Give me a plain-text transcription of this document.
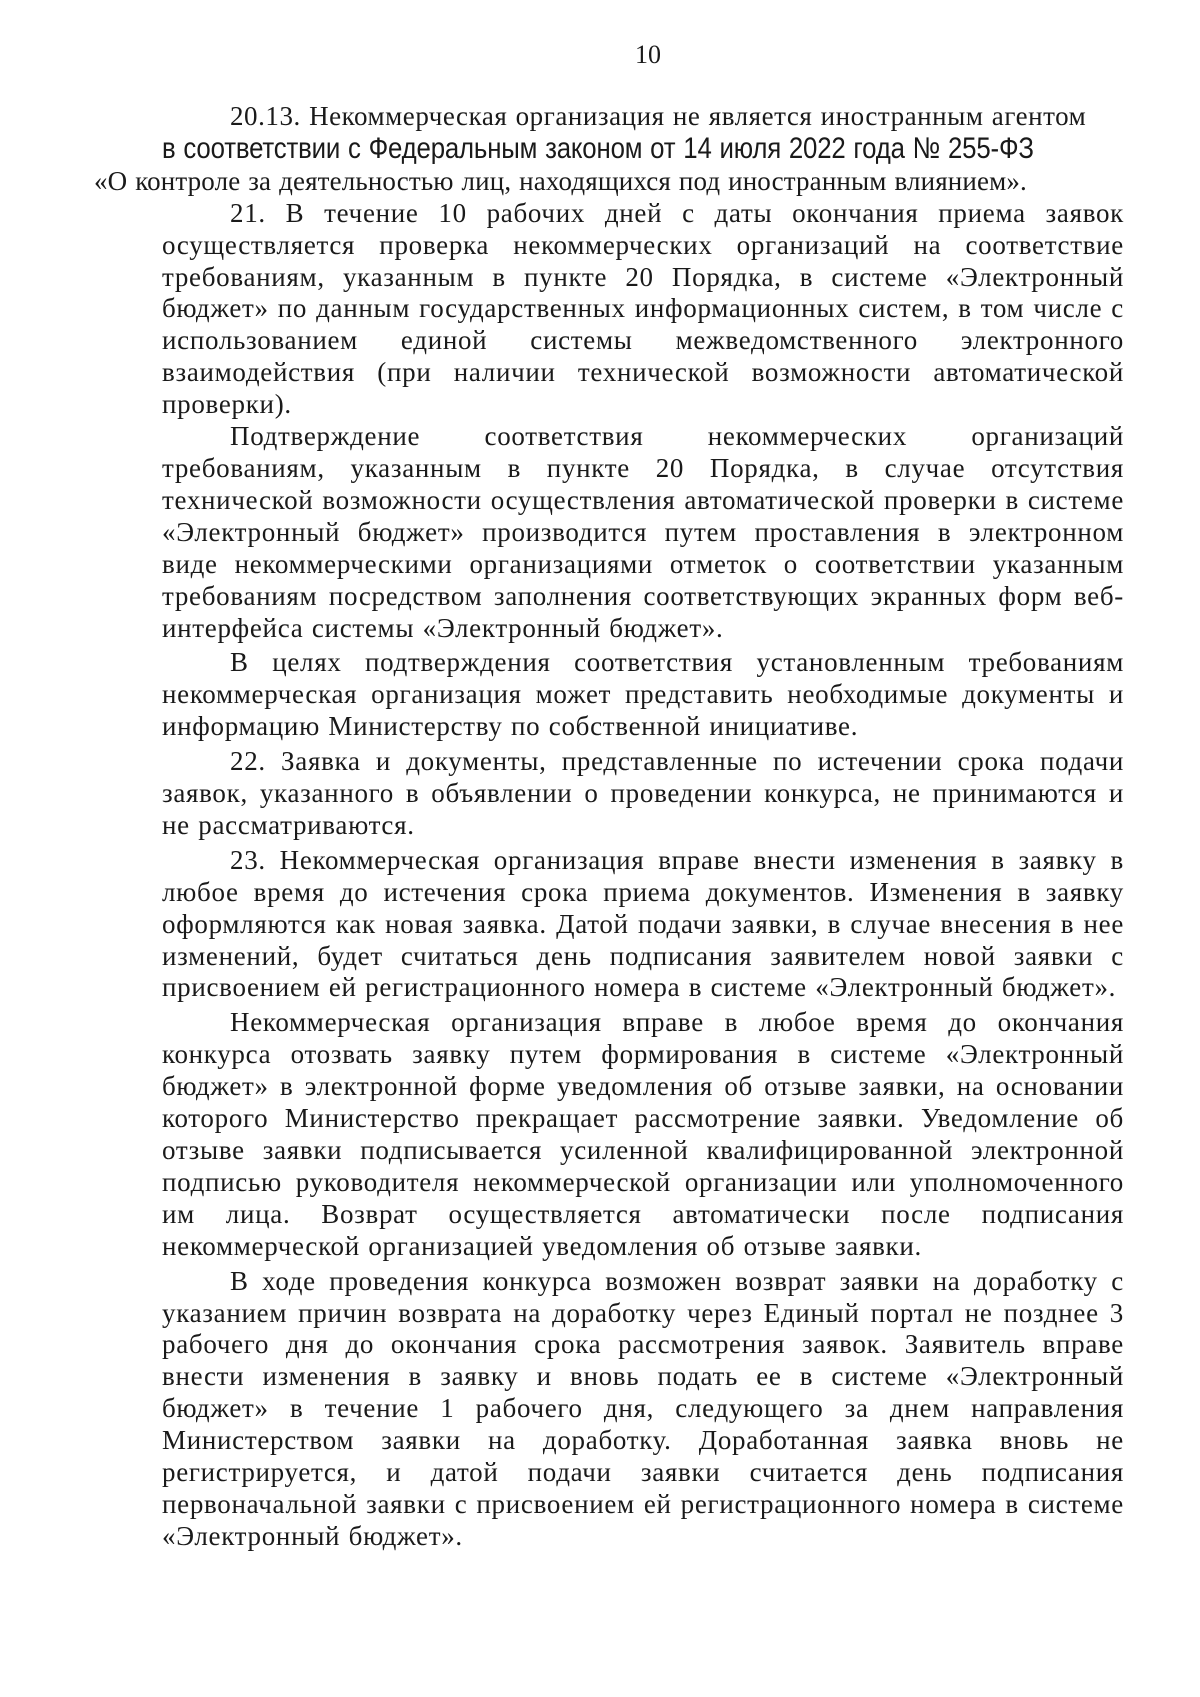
10

20.13. Некоммерческая организация не является иностранным агентом
в соответствии с Федеральным законом от 14 июля 2022 года № 255-ФЗ
«О контроле за деятельностью лиц, находящихся под иностранным влиянием».

21. В течение 10 рабочих дней с даты окончания приема заявок осуществляется проверка некоммерческих организаций на соответствие требованиям, указанным в пункте 20 Порядка, в системе «Электронный бюджет» по данным государственных информационных систем, в том числе с использованием единой системы межведомственного электронного взаимодействия (при наличии технической возможности автоматической проверки).

Подтверждение соответствия некоммерческих организаций требованиям, указанным в пункте 20 Порядка, в случае отсутствия технической возможности осуществления автоматической проверки в системе «Электронный бюджет» производится путем проставления в электронном виде некоммерческими организациями отметок о соответствии указанным требованиям посредством заполнения соответствующих экранных форм веб-интерфейса системы «Электронный бюджет».

В целях подтверждения соответствия установленным требованиям некоммерческая организация может представить необходимые документы и информацию Министерству по собственной инициативе.

22. Заявка и документы, представленные по истечении срока подачи заявок, указанного в объявлении о проведении конкурса, не принимаются и не рассматриваются.

23. Некоммерческая организация вправе внести изменения в заявку в любое время до истечения срока приема документов. Изменения в заявку оформляются как новая заявка. Датой подачи заявки, в случае внесения в нее изменений, будет считаться день подписания заявителем новой заявки с присвоением ей регистрационного номера в системе «Электронный бюджет».

Некоммерческая организация вправе в любое время до окончания конкурса отозвать заявку путем формирования в системе «Электронный бюджет» в электронной форме уведомления об отзыве заявки, на основании которого Министерство прекращает рассмотрение заявки. Уведомление об отзыве заявки подписывается усиленной квалифицированной электронной подписью руководителя некоммерческой организации или уполномоченного им лица. Возврат осуществляется автоматически после подписания некоммерческой организацией уведомления об отзыве заявки.

В ходе проведения конкурса возможен возврат заявки на доработку с указанием причин возврата на доработку через Единый портал не позднее 3 рабочего дня до окончания срока рассмотрения заявок. Заявитель вправе внести изменения в заявку и вновь подать ее в системе «Электронный бюджет» в течение 1 рабочего дня, следующего за днем направления Министерством заявки на доработку. Доработанная заявка вновь не регистрируется, и датой подачи заявки считается день подписания первоначальной заявки с присвоением ей регистрационного номера в системе «Электронный бюджет».
